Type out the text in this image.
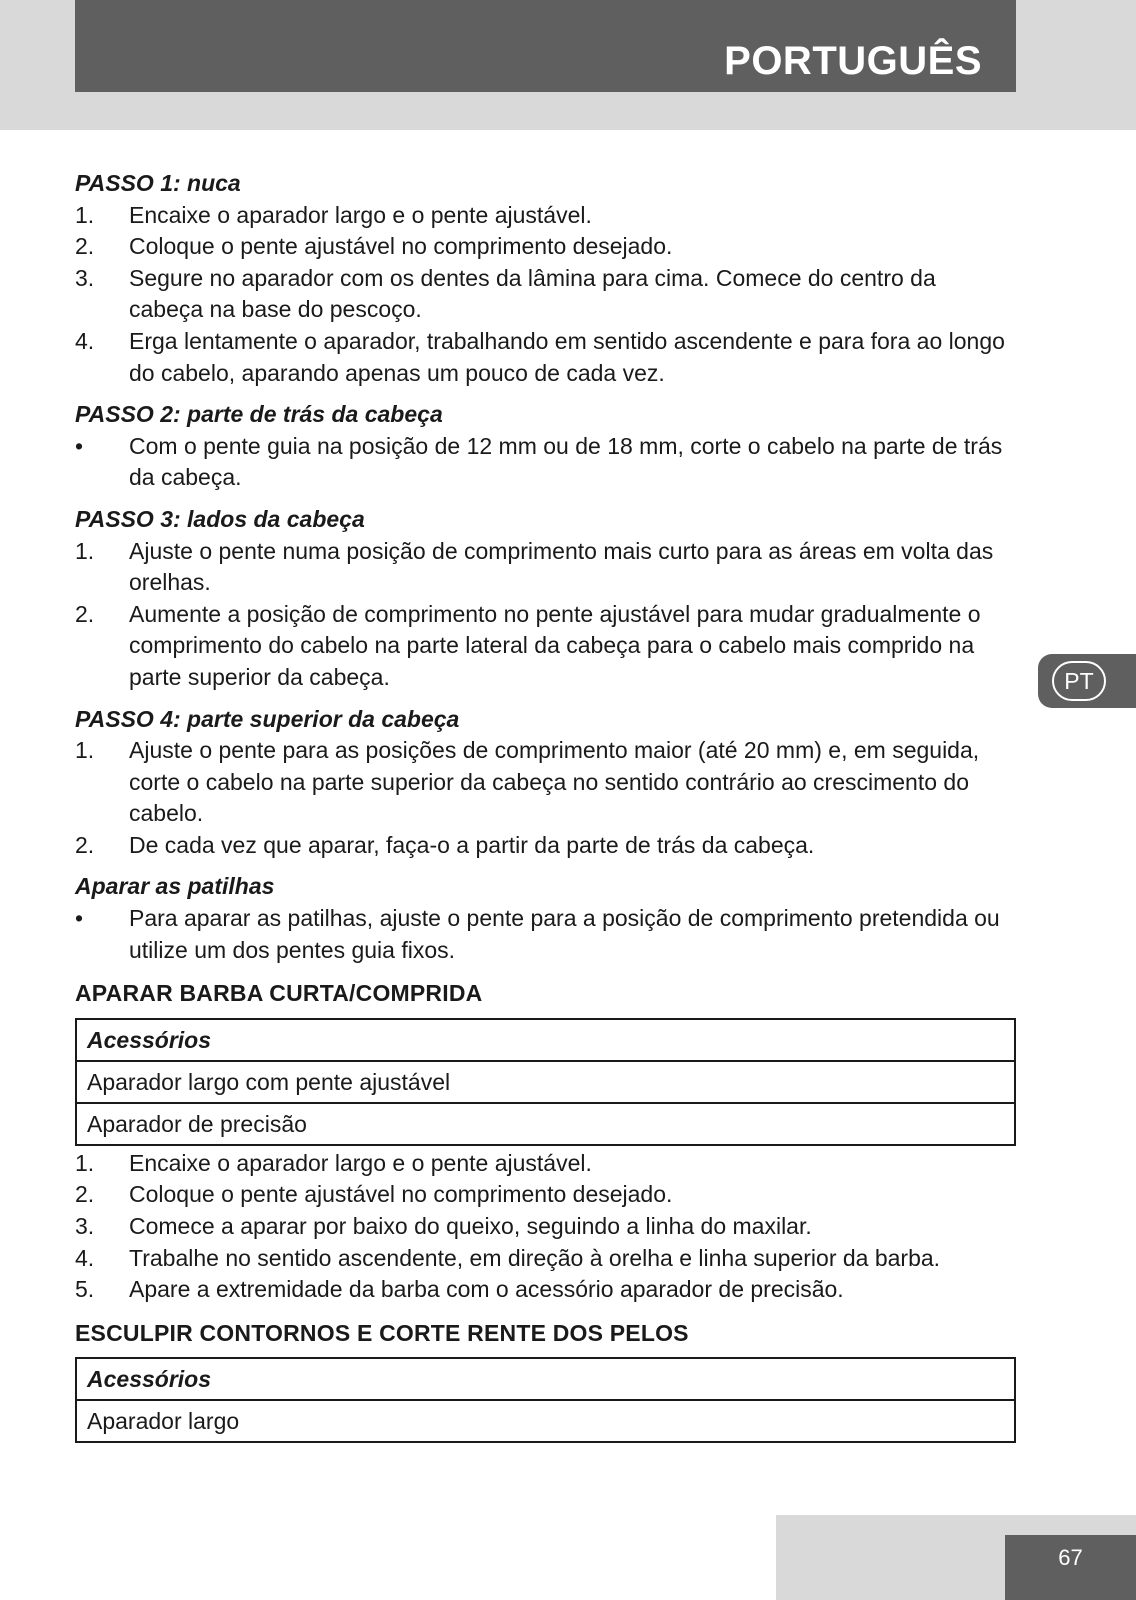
PORTUGUÊS
PASSO 1: nuca
1.	Encaixe o aparador largo e o pente ajustável.
2.	Coloque o pente ajustável no comprimento desejado.
3.	Segure no aparador com os dentes da lâmina para cima. Comece do centro da cabeça na base do pescoço.
4.	Erga lentamente o aparador, trabalhando em sentido ascendente e para fora ao longo do cabelo, aparando apenas um pouco de cada vez.
PASSO 2: parte de trás da cabeça
•	Com o pente guia na posição de 12 mm ou de 18 mm, corte o cabelo na parte de trás da cabeça.
PASSO 3: lados da cabeça
1.	Ajuste o pente numa posição de comprimento mais curto para as áreas em volta das orelhas.
2.	Aumente a posição de comprimento no pente ajustável para mudar gradualmente o comprimento do cabelo na parte lateral da cabeça para o cabelo mais comprido na parte superior da cabeça.
PASSO 4: parte superior da cabeça
1.	Ajuste o pente para as posições de comprimento maior (até 20 mm) e, em seguida, corte o cabelo na parte superior da cabeça no sentido contrário ao crescimento do cabelo.
2.	De cada vez que aparar, faça-o a partir da parte de trás da cabeça.
Aparar as patilhas
•	Para aparar as patilhas, ajuste o pente para a posição de comprimento pretendida ou utilize um dos pentes guia fixos.
APARAR BARBA CURTA/COMPRIDA
Acessórios
Aparador largo com pente ajustável
Aparador de precisão
1.	Encaixe o aparador largo e o pente ajustável.
2.	Coloque o pente ajustável no comprimento desejado.
3.	Comece a aparar por baixo do queixo, seguindo a linha do maxilar.
4.	Trabalhe no sentido ascendente, em direção à orelha e linha superior da barba.
5.	Apare a extremidade da barba com o acessório aparador de precisão.
ESCULPIR CONTORNOS E CORTE RENTE DOS PELOS
Acessórios
Aparador largo
PT
67
